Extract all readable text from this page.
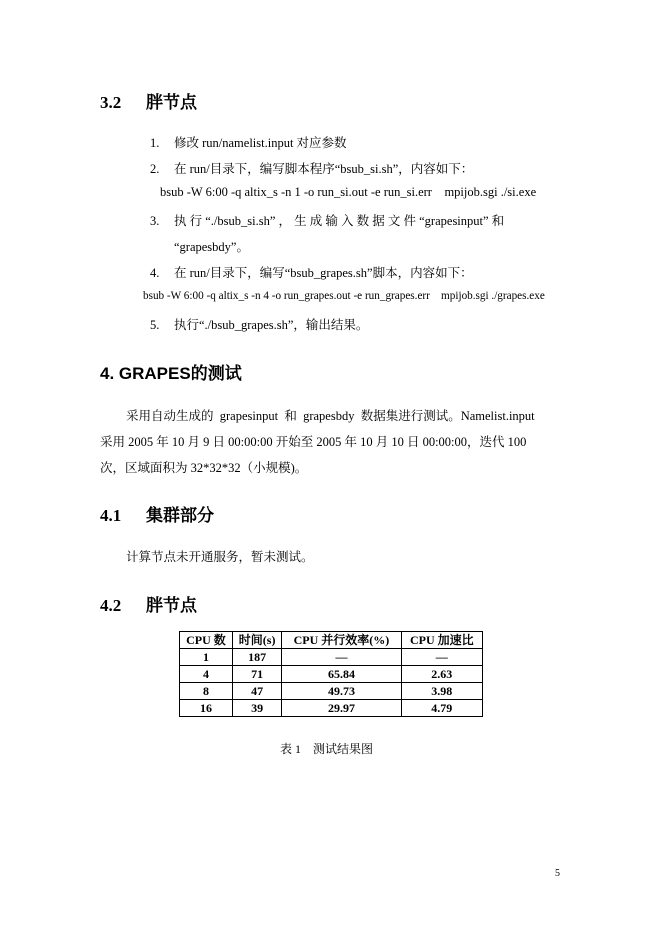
3.2 胖节点
1. 修改 run/namelist.input 对应参数
2. 在 run/目录下，编写脚本程序“bsub_si.sh”，内容如下：
bsub -W 6:00 -q altix_s -n 1 -o run_si.out -e run_si.err    mpijob.sgi ./si.exe
3. 执 行 “./bsub_si.sh” ， 生 成 输 入 数 据 文 件 “grapesinput” 和
“grapesbdy”。
4. 在 run/目录下，编写“bsub_grapes.sh”脚本，内容如下：
bsub -W 6:00 -q altix_s -n 4 -o run_grapes.out -e run_grapes.err    mpijob.sgi ./grapes.exe
5. 执行“./bsub_grapes.sh”，输出结果。
4. GRAPES的测试
采用自动生成的  grapesinput  和  grapesbdy  数据集进行测试。Namelist.input
采用 2005 年 10 月 9 日 00:00:00 开始至 2005 年 10 月 10 日 00:00:00，迭代 100
次，区域面积为 32*32*32（小规模)。
4.1 集群部分
计算节点未开通服务，暂未测试。
4.2 胖节点
CPU 数	时间(s)	CPU 并行效率(%)	CPU 加速比
1	187	—	—
4	71	65.84	2.63
8	47	49.73	3.98
16	39	29.97	4.79
表 1    测试结果图
5
